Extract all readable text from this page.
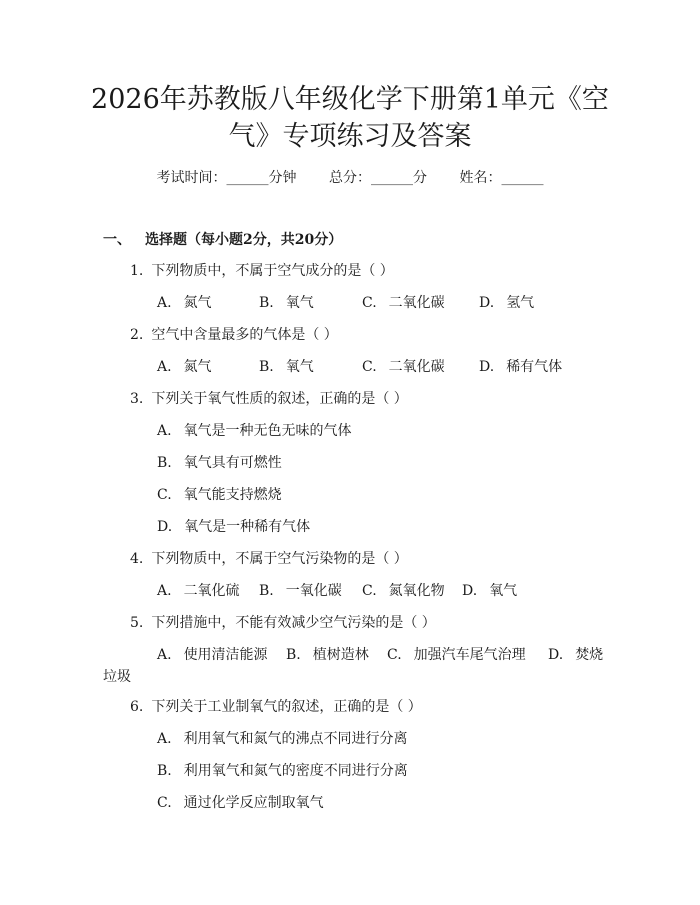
2026年苏教版八年级化学下册第1单元《空
气》专项练习及答案
考试时间：______分钟 总分：______分 姓名：______
一、 选择题（每小题2分，共20分）
1. 下列物质中，不属于空气成分的是（ ）
A. 氮气	B. 氧气	C. 二氧化碳 D. 氢气
2. 空气中含量最多的气体是（ ）
A. 氮气	B. 氧气	C. 二氧化碳 D. 稀有气体
3. 下列关于氧气性质的叙述，正确的是（ ）
A. 氧气是一种无色无味的气体
B. 氧气具有可燃性
C. 氧气能支持燃烧
D. 氧气是一种稀有气体
4. 下列物质中，不属于空气污染物的是（ ）
A. 二氧化硫 B. 一氧化碳 C. 氮氧化物 D. 氧气
5. 下列措施中，不能有效减少空气污染的是（ ）
A. 使用清洁能源 B. 植树造林 C. 加强汽车尾气治理 D. 焚烧
垃圾
6. 下列关于工业制氧气的叙述，正确的是（ ）
A. 利用氧气和氮气的沸点不同进行分离
B. 利用氧气和氮气的密度不同进行分离
C. 通过化学反应制取氧气
